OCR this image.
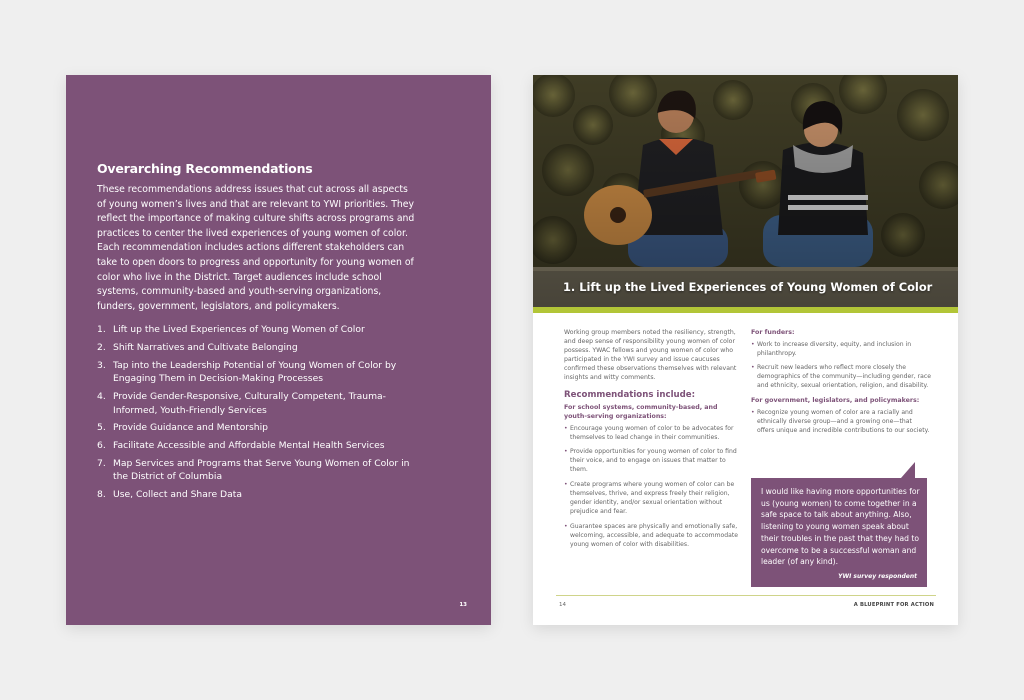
Overarching Recommendations
These recommendations address issues that cut across all aspects of young women’s lives and that are relevant to YWI priorities. They reflect the importance of making culture shifts across programs and practices to center the lived experiences of young women of color. Each recommendation includes actions different stakeholders can take to open doors to progress and opportunity for young women of color who live in the District. Target audiences include school systems, community-based and youth-serving organizations, funders, government, legislators, and policymakers.
1. Lift up the Lived Experiences of Young Women of Color
2. Shift Narratives and Cultivate Belonging
3. Tap into the Leadership Potential of Young Women of Color by Engaging Them in Decision-Making Processes
4. Provide Gender-Responsive, Culturally Competent, Trauma-Informed, Youth-Friendly Services
5. Provide Guidance and Mentorship
6. Facilitate Accessible and Affordable Mental Health Services
7. Map Services and Programs that Serve Young Women of Color in the District of Columbia
8. Use, Collect and Share Data
13
1. Lift up the Lived Experiences of Young Women of Color
Working group members noted the resiliency, strength, and deep sense of responsibility young women of color possess. YWAC fellows and young women of color who participated in the YWI survey and issue caucuses confirmed these observations themselves with relevant insights and witty comments.
Recommendations include:
For school systems, community-based, and youth-serving organizations:
• Encourage young women of color to be advocates for themselves to lead change in their communities.
• Provide opportunities for young women of color to find their voice, and to engage on issues that matter to them.
• Create programs where young women of color can be themselves, thrive, and express freely their religion, gender identity, and/or sexual orientation without prejudice and fear.
• Guarantee spaces are physically and emotionally safe, welcoming, accessible, and adequate to accommodate young women of color with disabilities.
For funders:
• Work to increase diversity, equity, and inclusion in philanthropy.
• Recruit new leaders who reflect more closely the demographics of the community—including gender, race and ethnicity, sexual orientation, religion, and disability.
For government, legislators, and policymakers:
• Recognize young women of color are a racially and ethnically diverse group—and a growing one—that offers unique and incredible contributions to our society.
I would like having more opportunities for us (young women) to come together in a safe space to talk about anything. Also, listening to young women speak about their troubles in the past that they had to overcome to be a successful woman and leader (of any kind).
YWI survey respondent
14	A BLUEPRINT FOR ACTION
